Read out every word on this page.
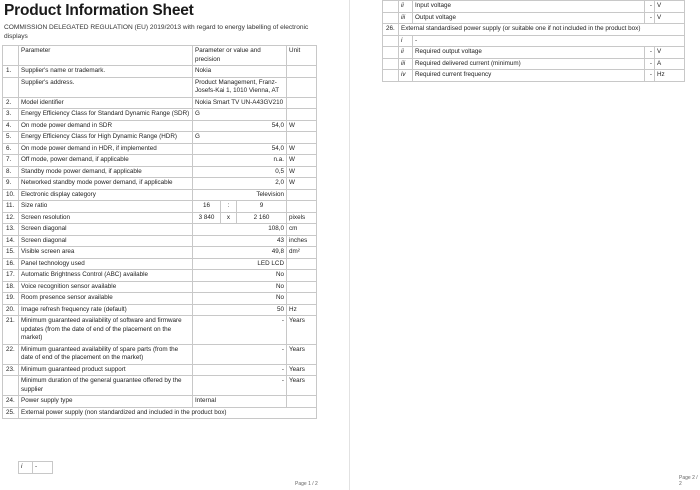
Product Information Sheet
COMMISSION DELEGATED REGULATION (EU) 2019/2013 with regard to energy labelling of electronic displays
	Parameter	Parameter or value and precision			Unit
1.	Supplier's name or trademark.	Nokia			
	Supplier's address.	Product Management, Franz-Josefs-Kai 1, 1010 Vienna, AT			
2.	Model identifier	Nokia Smart TV UN-A43GV210			
3.	Energy Efficiency Class for Standard Dynamic Range (SDR)	G			
4.	On mode power demand in SDR	54,0			W
5.	Energy Efficiency Class for High Dynamic Range (HDR)	G			
6.	On mode power demand in HDR, if implemented	54,0			W
7.	Off mode, power demand, if applicable	n.a.			W
8.	Standby mode power demand, if applicable	0,5			W
9.	Networked standby mode power demand, if applicable	2,0			W
10.	Electronic display category	Television			
11.	Size ratio	16	:	9	
12.	Screen resolution	3 840	x	2 160	pixels
13.	Screen diagonal	108,0			cm
14.	Screen diagonal	43			inches
15.	Visible screen area	49,8			dm²
16.	Panel technology used	LED LCD			
17.	Automatic Brightness Control (ABC) available	No			
18.	Voice recognition sensor available	No			
19.	Room presence sensor available	No			
20.	Image refresh frequency rate (default)	50			Hz
21.	Minimum guaranteed availability of software and firmware updates (from the date of end of the placement on the market)	-			Years
22.	Minimum guaranteed availability of spare parts (from the date of end of the placement on the market)	-			Years
23.	Minimum guaranteed product support	-			Years
	Minimum duration of the general guarantee offered by the supplier	-			Years
24.	Power supply type	Internal			
25.	External power supply (non standardized and included in the product box)				
i	-
Page 1 / 2
	ii	Input voltage	-	V
	iii	Output voltage	-	V
26.	External standardised power supply (or suitable one if not included in the product box)			
	i	-		
	ii	Required output voltage	-	V
	iii	Required delivered current (minimum)	-	A
	iv	Required current frequency	-	Hz
Page 2 / 2
